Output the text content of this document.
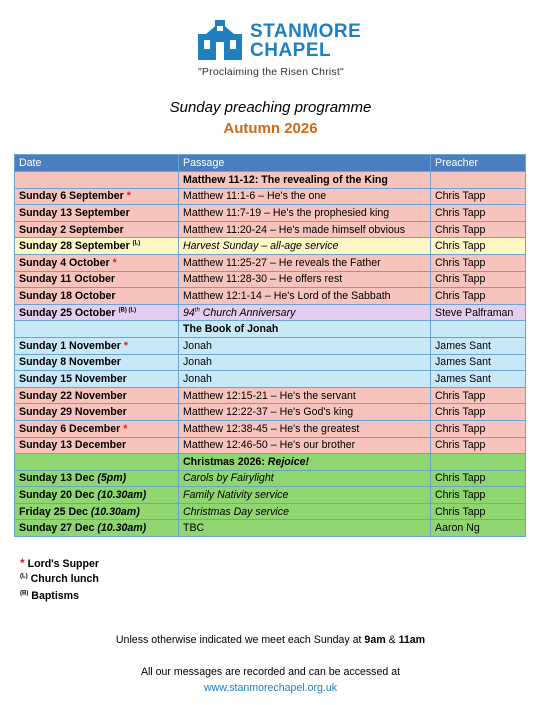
STANMORE
CHAPEL
"Proclaiming the Risen Christ"
Sunday preaching programme
Autumn 2026
Date	Passage	Preacher
	Matthew 11-12: The revealing of the King	
Sunday 6 September *	Matthew 11:1-6 – He's the one	Chris Tapp
Sunday 13 September	Matthew 11:7-19 – He's the prophesied king	Chris Tapp
Sunday 2 September	Matthew 11:20-24 – He's made himself obvious	Chris Tapp
Sunday 28 September $^{(L)}$	Harvest Sunday – all-age service	Chris Tapp
Sunday 4 October *	Matthew 11:25-27 – He reveals the Father	Chris Tapp
Sunday 11 October	Matthew 11:28-30 – He offers rest	Chris Tapp
Sunday 18 October	Matthew 12:1-14 – He's Lord of the Sabbath	Chris Tapp
Sunday 25 October $^{(B) (L)}$	94th Church Anniversary	Steve Palframan
	The Book of Jonah	
Sunday 1 November *	Jonah	James Sant
Sunday 8 November	Jonah	James Sant
Sunday 15 November	Jonah	James Sant
Sunday 22 November	Matthew 12:15-21 – He's the servant	Chris Tapp
Sunday 29 November	Matthew 12:22-37 – He's God's king	Chris Tapp
Sunday 6 December *	Matthew 12:38-45 – He's the greatest	Chris Tapp
Sunday 13 December	Matthew 12:46-50 – He's our brother	Chris Tapp
	Christmas 2026: Rejoice!	
Sunday 13 Dec (5pm)	Carols by Fairylight	Chris Tapp
Sunday 20 Dec (10.30am)	Family Nativity service	Chris Tapp
Friday 25 Dec (10.30am)	Christmas Day service	Chris Tapp
Sunday 27 Dec (10.30am)	TBC	Aaron Ng
* Lord's Supper
$^{(L)}$ Church lunch
$^{(B)}$ Baptisms
Unless otherwise indicated we meet each Sunday at 9am & 11am
All our messages are recorded and can be accessed at
www.stanmorechapel.org.uk
